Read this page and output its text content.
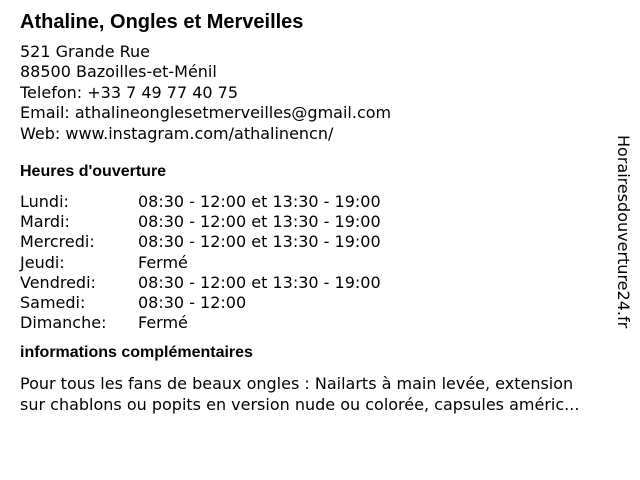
Athaline, Ongles et Merveilles
521 Grande Rue
88500 Bazoilles-et-Ménil
Telefon: +33 7 49 77 40 75
Email: athalineonglesetmerveilles@gmail.com
Web: www.instagram.com/athalinencn/
Heures d'ouverture
Lundi:	08:30 - 12:00 et 13:30 - 19:00
Mardi:	08:30 - 12:00 et 13:30 - 19:00
Mercredi:	08:30 - 12:00 et 13:30 - 19:00
Jeudi:	Fermé
Vendredi:	08:30 - 12:00 et 13:30 - 19:00
Samedi:	08:30 - 12:00
Dimanche:	Fermé
informations complémentaires
Pour tous les fans de beaux ongles : Nailarts à main levée, extension
sur chablons ou popits en version nude ou colorée, capsules améric...
Horairesdouverture24.fr
